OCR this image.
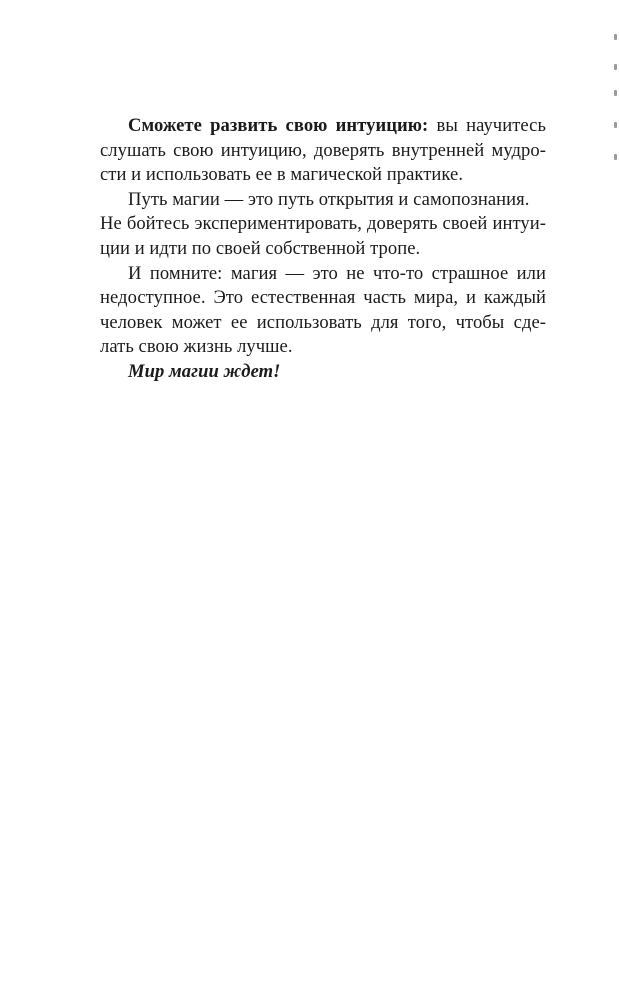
Сможете развить свою интуицию: вы научитесь
слушать свою интуицию, доверять внутренней мудро-
сти и использовать ее в магической практике.
Путь магии — это путь открытия и самопознания.
Не бойтесь экспериментировать, доверять своей интуи-
ции и идти по своей собственной тропе.
И помните: магия — это не что-то страшное или
недоступное. Это естественная часть мира, и каждый
человек может ее использовать для того, чтобы сде-
лать свою жизнь лучше.
Мир магии ждет!
